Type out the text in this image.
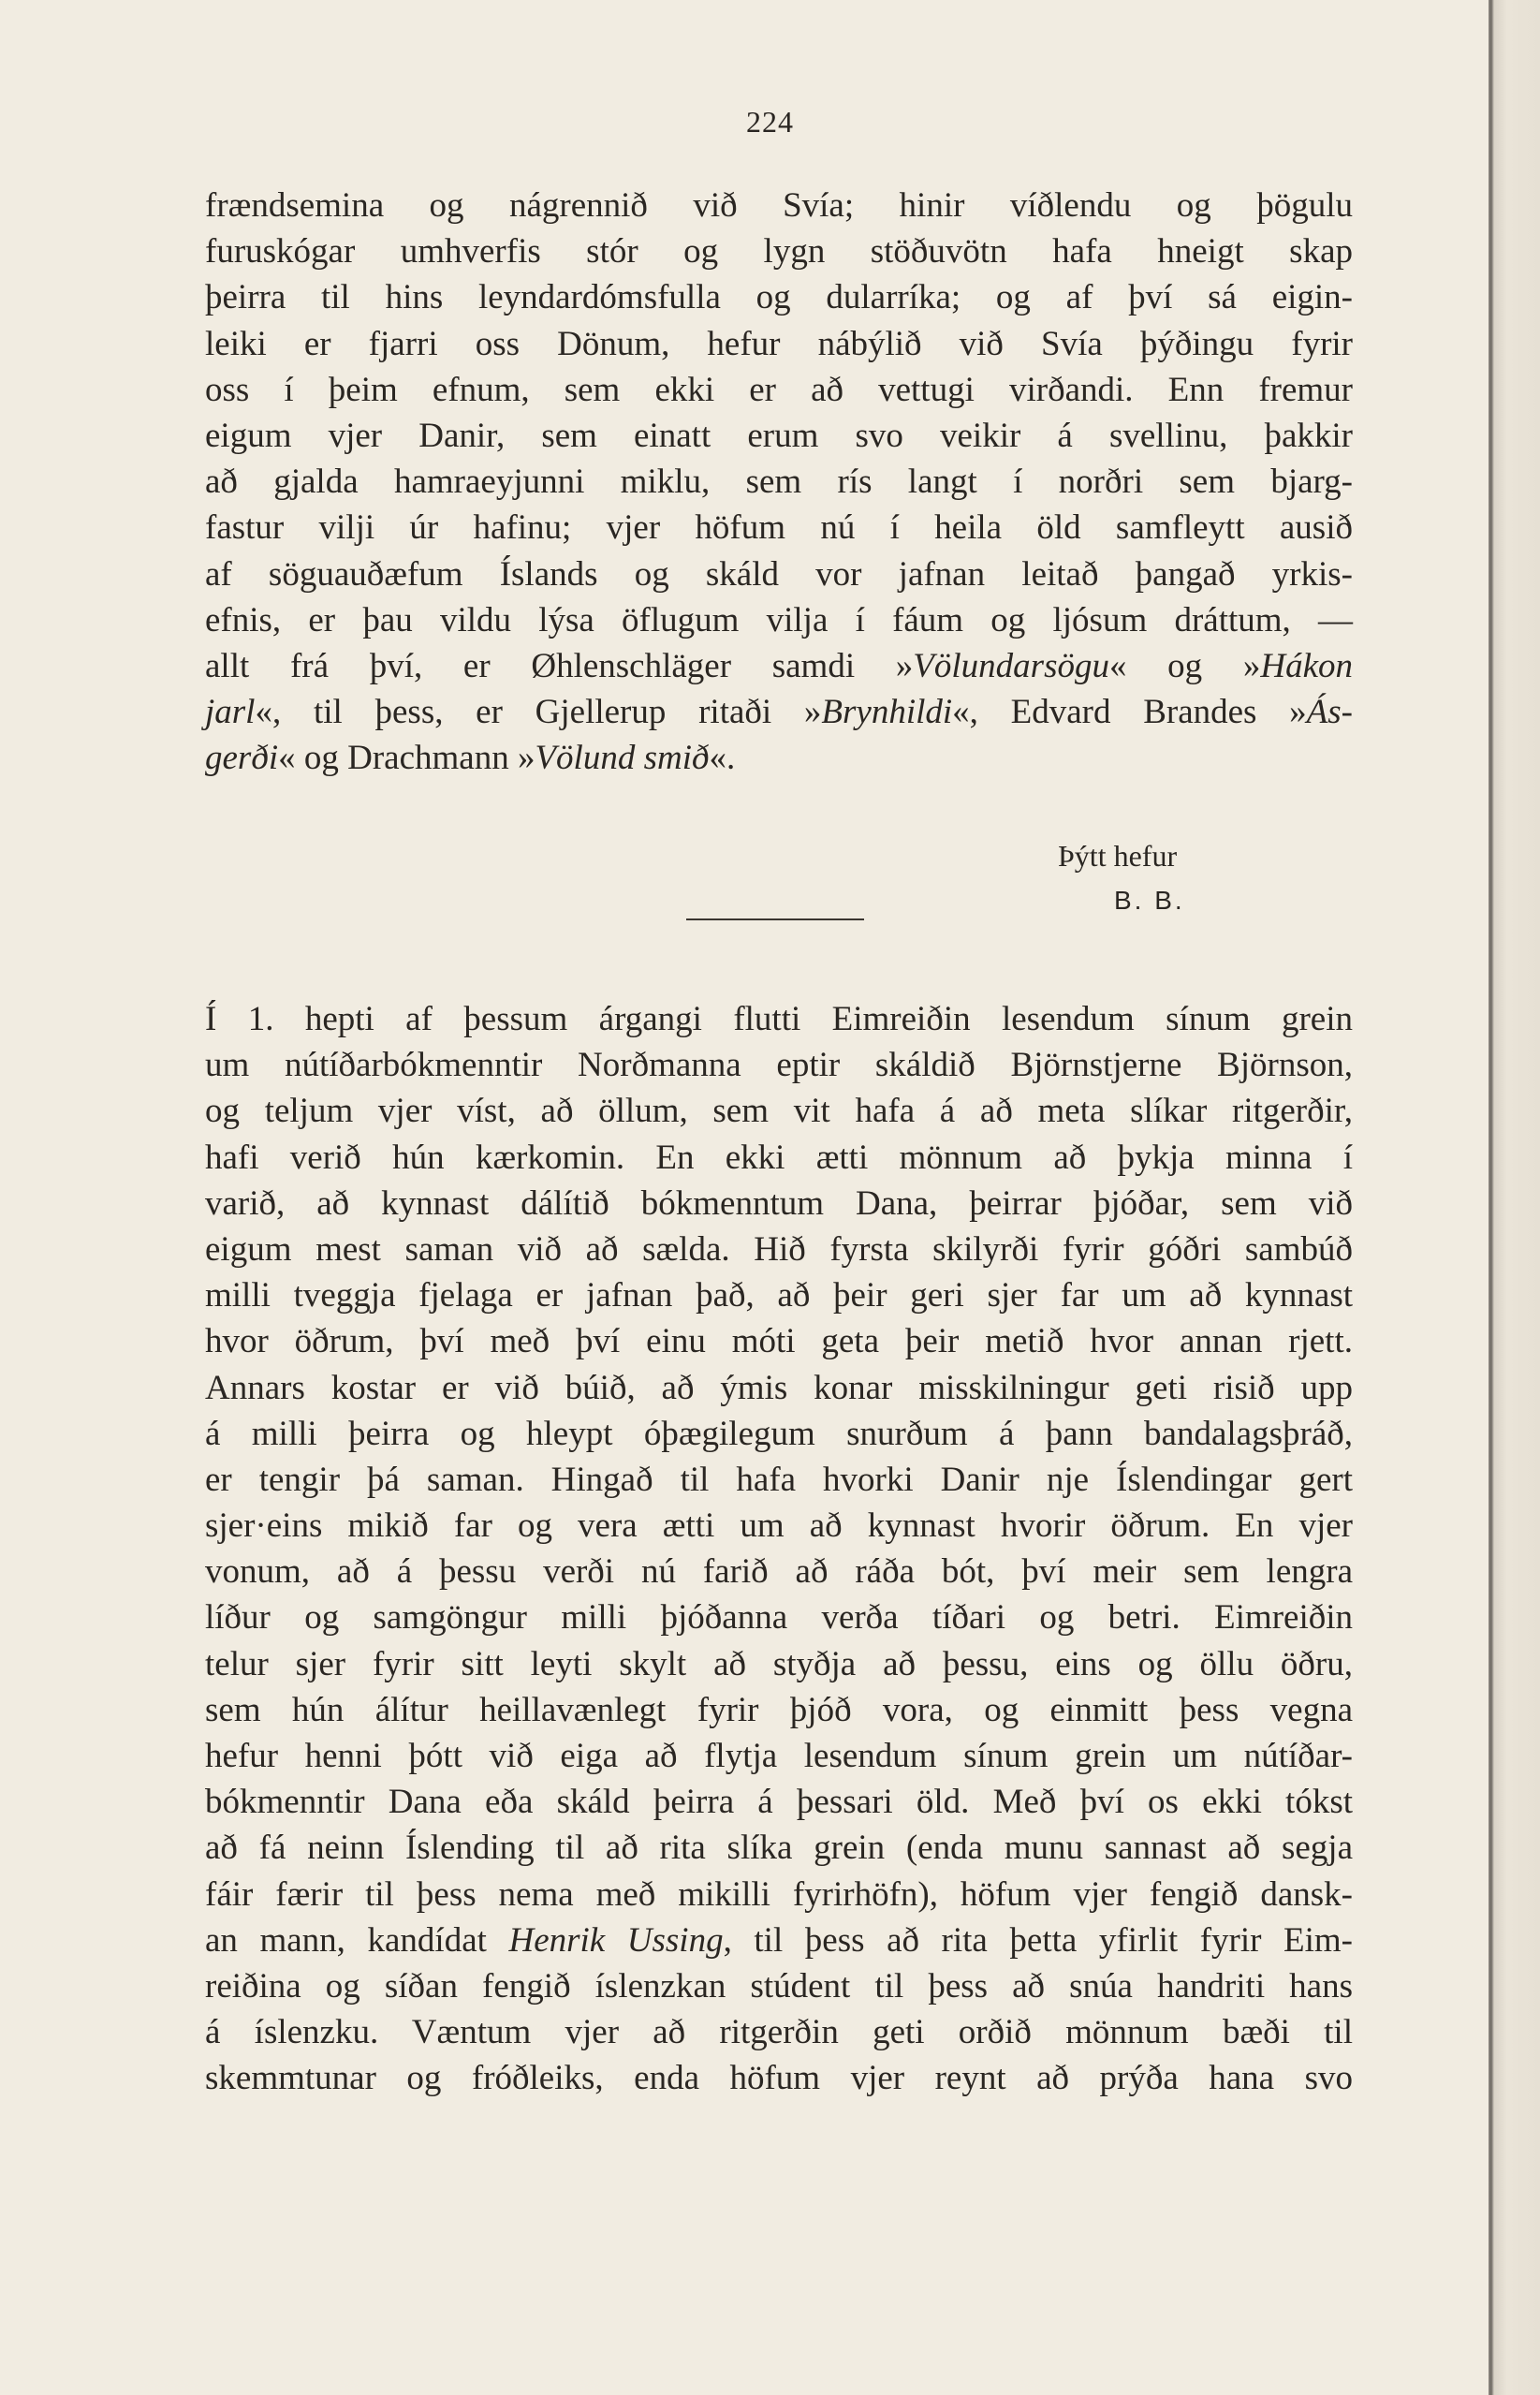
224
frændsemina og nágrennið við Svía; hinir víðlendu og þögulu
furuskógar umhverfis stór og lygn stöðuvötn hafa hneigt skap
þeirra til hins leyndardómsfulla og dularríka; og af því sá eigin-
leiki er fjarri oss Dönum, hefur nábýlið við Svía þýðingu fyrir
oss í þeim efnum, sem ekki er að vettugi virðandi. Enn fremur
eigum vjer Danir, sem einatt erum svo veikir á svellinu, þakkir
að gjalda hamraeyjunni miklu, sem rís langt í norðri sem bjarg-
fastur vilji úr hafinu; vjer höfum nú í heila öld samfleytt ausið
af söguauðæfum Íslands og skáld vor jafnan leitað þangað yrkis-
efnis, er þau vildu lýsa öflugum vilja í fáum og ljósum dráttum, —
allt frá því, er Øhlenschläger samdi »Völundarsögu« og »Hákon
jarl«, til þess, er Gjellerup ritaði »Brynhildi«, Edvard Brandes »Ás-
gerði« og Drachmann »Völund smið«.
Þýtt hefur
B. B.
Í 1. hepti af þessum árgangi flutti Eimreiðin lesendum sínum grein
um nútíðarbókmenntir Norðmanna eptir skáldið Björnstjerne Björnson,
og teljum vjer víst, að öllum, sem vit hafa á að meta slíkar ritgerðir,
hafi verið hún kærkomin. En ekki ætti mönnum að þykja minna í
varið, að kynnast dálítið bókmenntum Dana, þeirrar þjóðar, sem við
eigum mest saman við að sælda. Hið fyrsta skilyrði fyrir góðri sambúð
milli tveggja fjelaga er jafnan það, að þeir geri sjer far um að kynnast
hvor öðrum, því með því einu móti geta þeir metið hvor annan rjett.
Annars kostar er við búið, að ýmis konar misskilningur geti risið upp
á milli þeirra og hleypt óþægilegum snurðum á þann bandalagsþráð,
er tengir þá saman. Hingað til hafa hvorki Danir nje Íslendingar gert
sjer·eins mikið far og vera ætti um að kynnast hvorir öðrum. En vjer
vonum, að á þessu verði nú farið að ráða bót, því meir sem lengra
líður og samgöngur milli þjóðanna verða tíðari og betri. Eimreiðin
telur sjer fyrir sitt leyti skylt að styðja að þessu, eins og öllu öðru,
sem hún álítur heillavænlegt fyrir þjóð vora, og einmitt þess vegna
hefur henni þótt við eiga að flytja lesendum sínum grein um nútíðar-
bókmenntir Dana eða skáld þeirra á þessari öld. Með því os ekki tókst
að fá neinn Íslending til að rita slíka grein (enda munu sannast að segja
fáir færir til þess nema með mikilli fyrirhöfn), höfum vjer fengið dansk-
an mann, kandídat Henrik Ussing, til þess að rita þetta yfirlit fyrir Eim-
reiðina og síðan fengið íslenzkan stúdent til þess að snúa handriti hans
á íslenzku. Væntum vjer að ritgerðin geti orðið mönnum bæði til
skemmtunar og fróðleiks, enda höfum vjer reynt að prýða hana svo
